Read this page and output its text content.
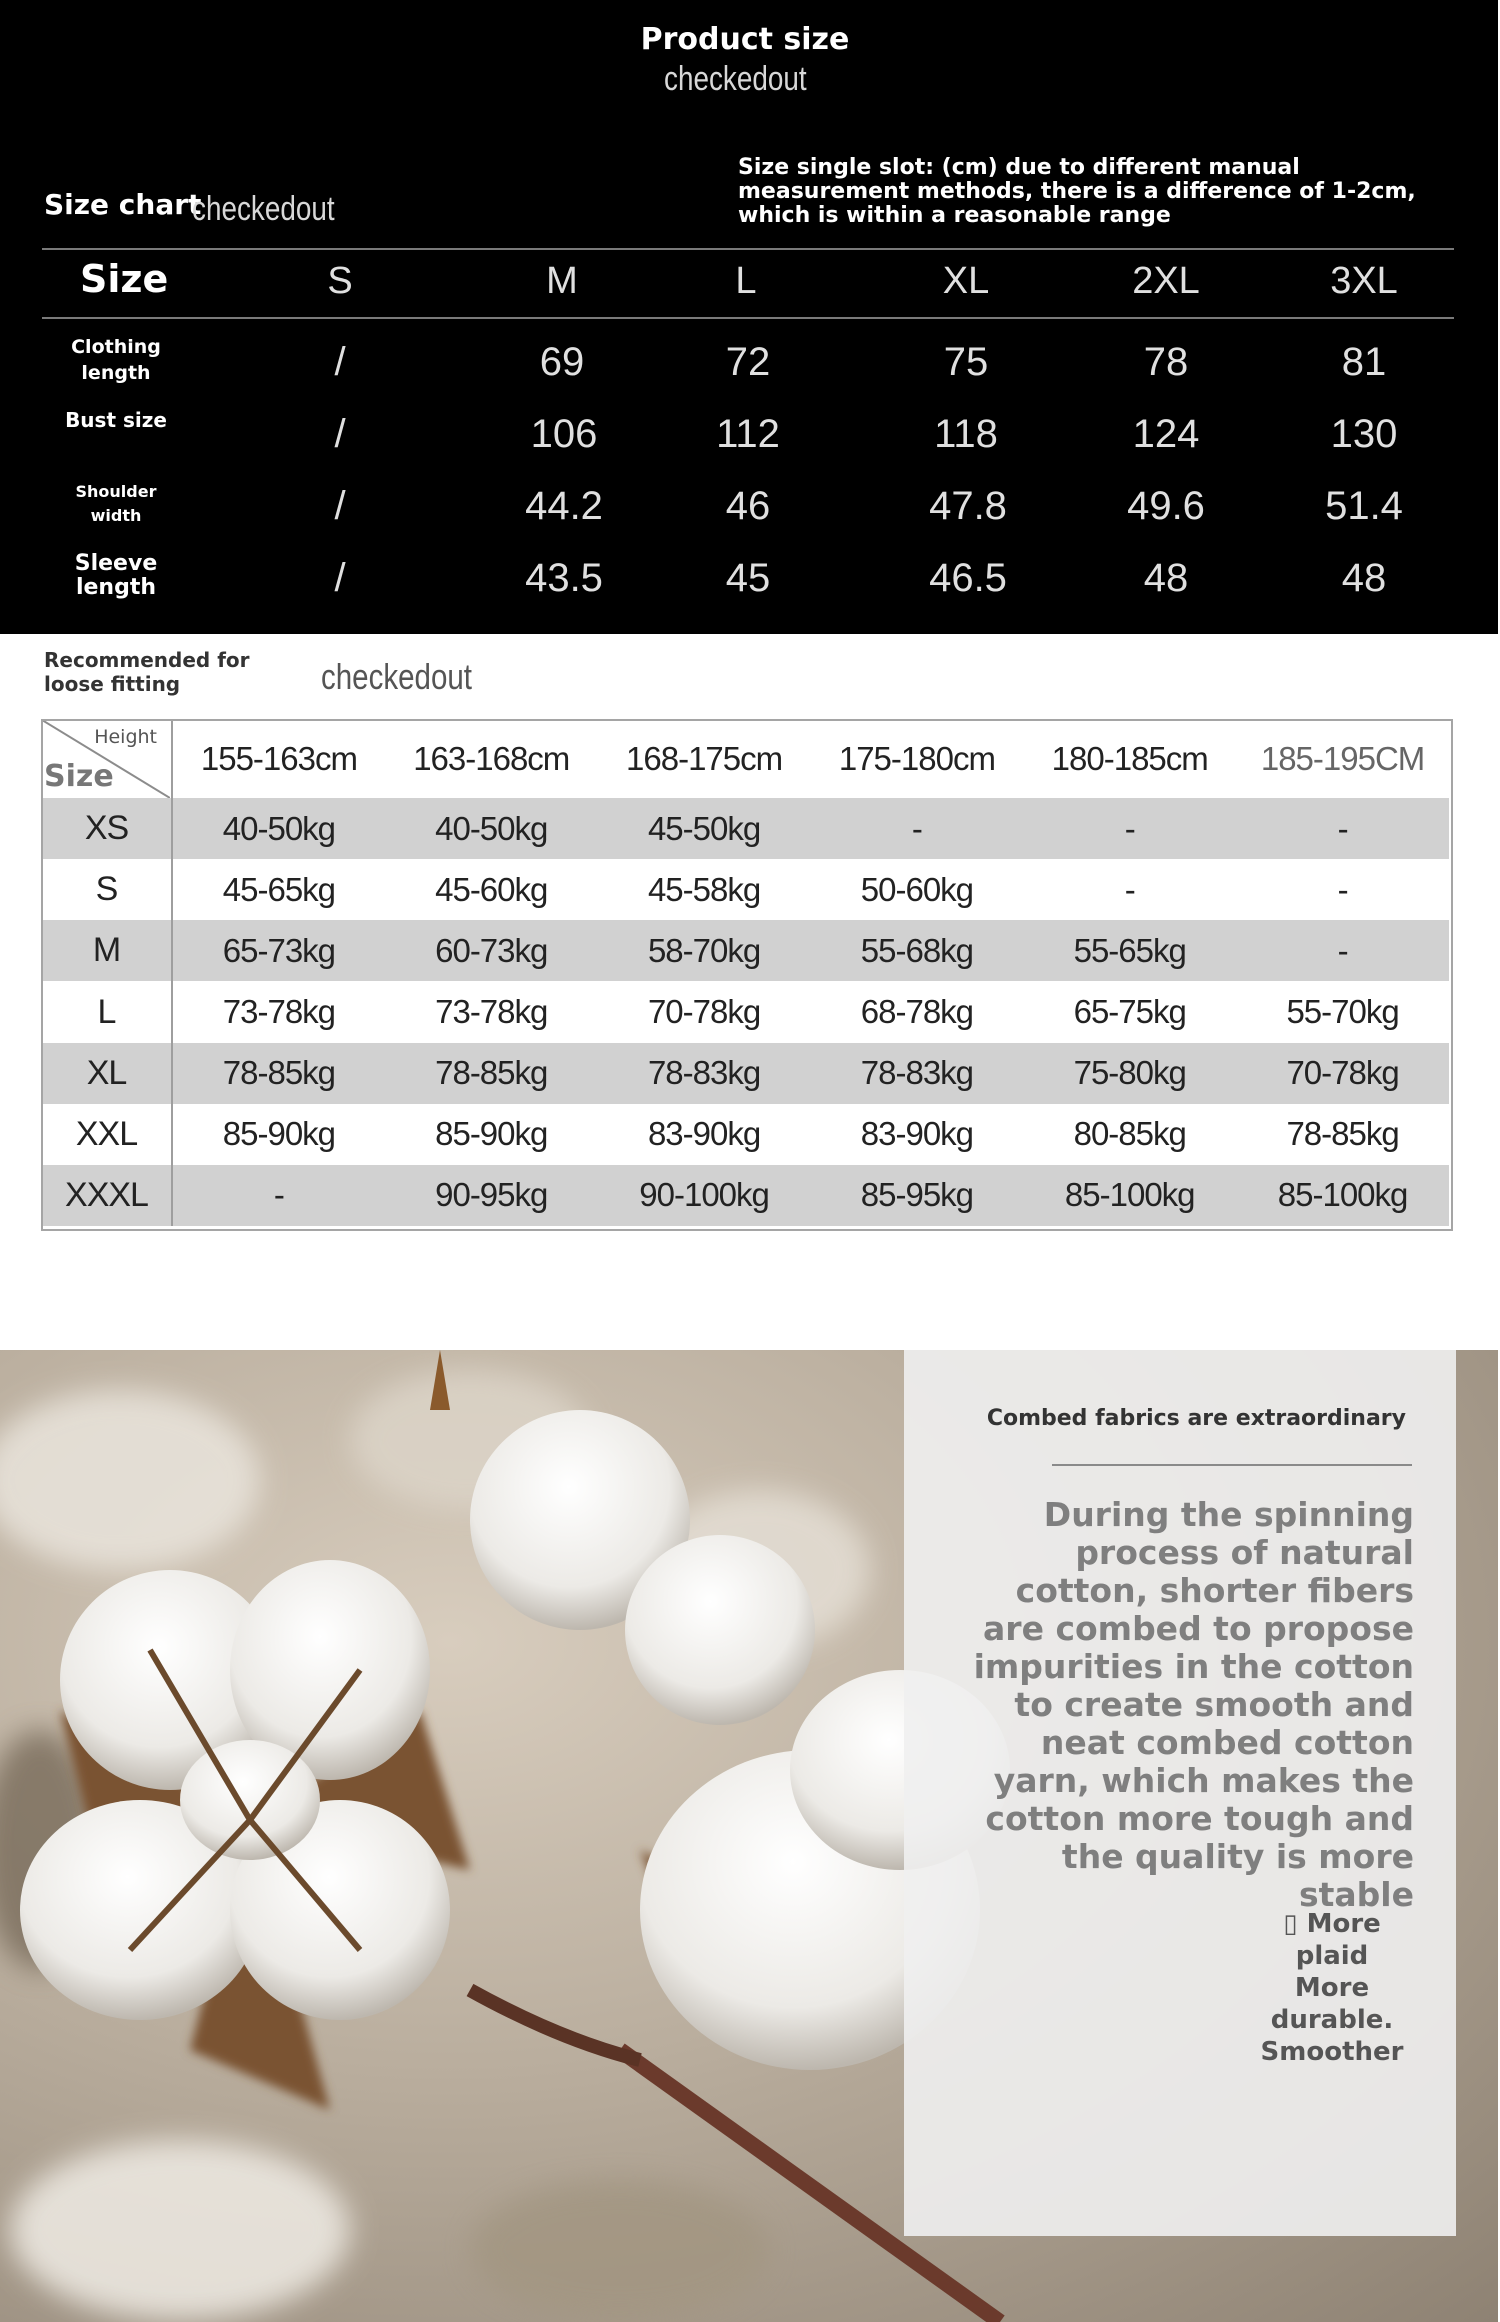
Product size
checkedout
Size chart
checkedout
Size single slot: (cm) due to different manual measurement methods, there is a difference of 1-2cm, which is within a reasonable range
Size	S	M	L	XL	2XL	3XL
Clothing length	/	69	72	75	78	81
Bust size	/	106	112	118	124	130
Shoulder width	/	44.2	46	47.8	49.6	51.4
Sleeve length	/	43.5	45	46.5	48	48
Recommended for loose fitting	checkedout
Height
Size	155-163cm	163-168cm	168-175cm	175-180cm	180-185cm	185-195CM
XS	40-50kg	40-50kg	45-50kg	-	-	-
S	45-65kg	45-60kg	45-58kg	50-60kg	-	-
M	65-73kg	60-73kg	58-70kg	55-68kg	55-65kg	-
L	73-78kg	73-78kg	70-78kg	68-78kg	65-75kg	55-70kg
XL	78-85kg	78-85kg	78-83kg	78-83kg	75-80kg	70-78kg
XXL	85-90kg	85-90kg	83-90kg	83-90kg	80-85kg	78-85kg
XXXL	-	90-95kg	90-100kg	85-95kg	85-100kg	85-100kg
Combed fabrics are extraordinary
During the spinning process of natural cotton, shorter fibers are combed to propose impurities in the cotton to create smooth and neat combed cotton yarn, which makes the cotton more tough and the quality is more stable
▯ More plaid
More durable.
Smoother
